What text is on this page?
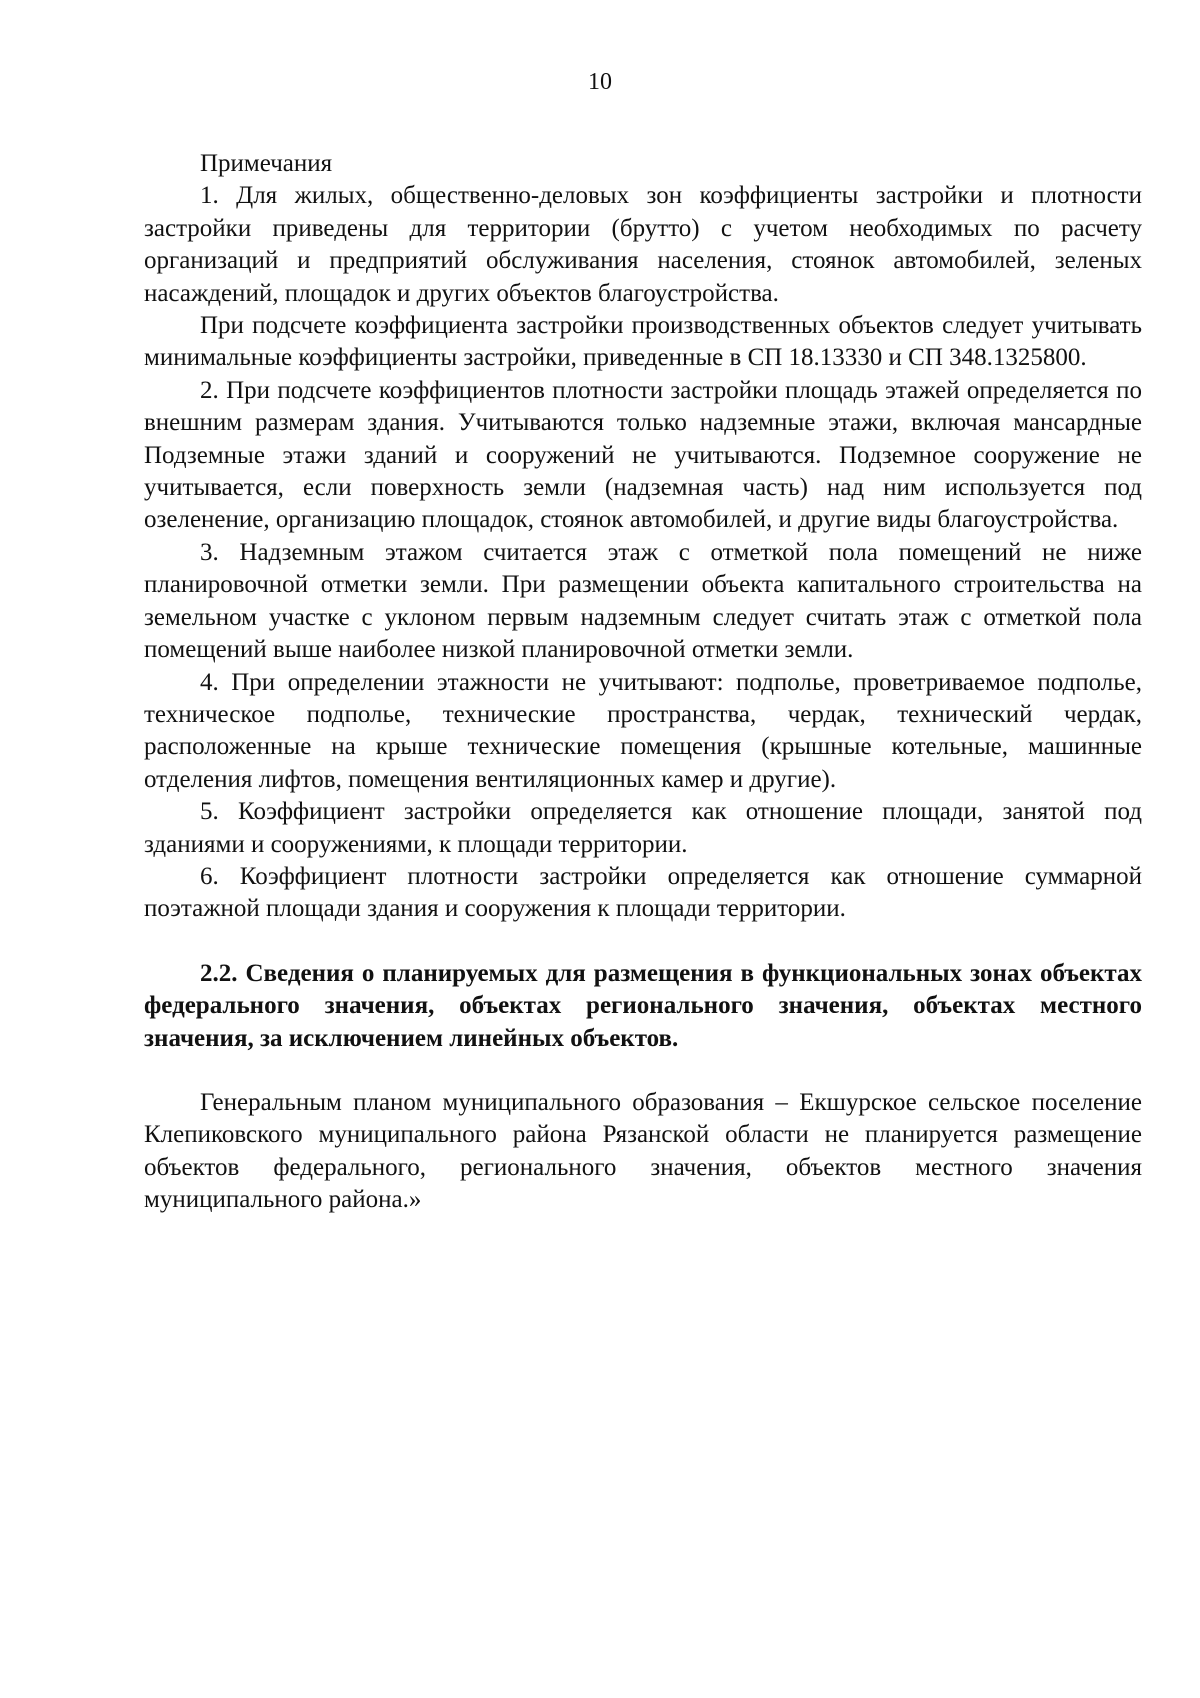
10

Примечания

1. Для жилых, общественно-деловых зон коэффициенты застройки и плотности застройки приведены для территории (брутто) с учетом необходимых по расчету организаций и предприятий обслуживания населения, стоянок автомобилей, зеленых насаждений, площадок и других объектов благоустройства.

При подсчете коэффициента застройки производственных объектов следует учитывать минимальные коэффициенты застройки, приведенные в СП 18.13330 и СП 348.1325800.

2. При подсчете коэффициентов плотности застройки площадь этажей определяется по внешним размерам здания. Учитываются только надземные этажи, включая мансардные Подземные этажи зданий и сооружений не учитываются. Подземное сооружение не учитывается, если поверхность земли (надземная часть) над ним используется под озеленение, организацию площадок, стоянок автомобилей, и другие виды благоустройства.

3. Надземным этажом считается этаж с отметкой пола помещений не ниже планировочной отметки земли. При размещении объекта капитального строительства на земельном участке с уклоном первым надземным следует считать этаж с отметкой пола помещений выше наиболее низкой планировочной отметки земли.

4. При определении этажности не учитывают: подполье, проветриваемое подполье, техническое подполье, технические пространства, чердак, технический чердак, расположенные на крыше технические помещения (крышные котельные, машинные отделения лифтов, помещения вентиляционных камер и другие).

5. Коэффициент застройки определяется как отношение площади, занятой под зданиями и сооружениями, к площади территории.

6. Коэффициент плотности застройки определяется как отношение суммарной поэтажной площади здания и сооружения к площади территории.

2.2. Сведения о планируемых для размещения в функциональных зонах объектах федерального значения, объектах регионального значения, объектах местного значения, за исключением линейных объектов.

Генеральным планом муниципального образования – Екшурское сельское поселение Клепиковского муниципального района Рязанской области не планируется размещение объектов федерального, регионального значения, объектов местного значения муниципального района.»
